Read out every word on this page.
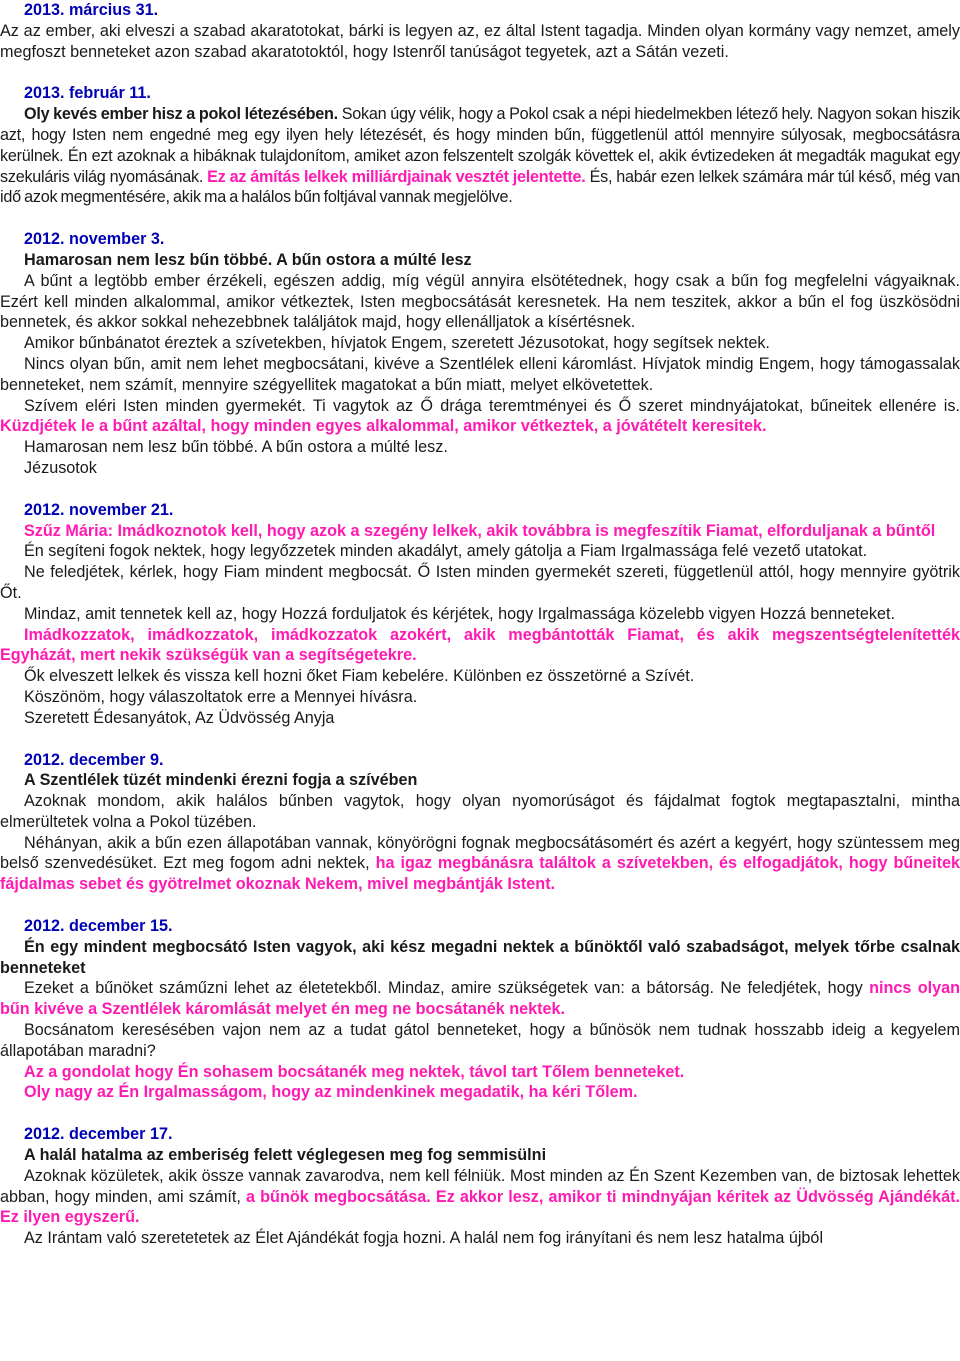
2013. március 31.

Az az ember, aki elveszi a szabad akaratotokat, bárki is legyen az, ez által Istent tagadja. Minden olyan kormány vagy nemzet, amely megfoszt benneteket azon szabad akaratotoktól, hogy Istenről tanúságot tegyetek, azt a Sátán vezeti.

2013. február 11.

Oly kevés ember hisz a pokol létezésében. Sokan úgy vélik, hogy a Pokol csak a népi hiedelmekben létező hely. Nagyon sokan hiszik azt, hogy Isten nem engedné meg egy ilyen hely létezését, és hogy minden bűn, függetlenül attól mennyire súlyosak, megbocsátásra kerülnek. Én ezt azoknak a hibáknak tulajdonítom, amiket azon felszentelt szolgák követtek el, akik évtizedeken át megadták magukat egy szekuláris világ nyomásának. Ez az ámítás lelkek milliárdjainak vesztét jelentette. És, habár ezen lelkek számára már túl késő, még van idő azok megmentésére, akik ma a halálos bűn foltjával vannak megjelölve.

2012. november 3.

Hamarosan nem lesz bűn többé. A bűn ostora a múlté lesz

A bűnt a legtöbb ember érzékeli, egészen addig, míg végül annyira elsötétednek, hogy csak a bűn fog megfelelni vágyaiknak. Ezért kell minden alkalommal, amikor vétkeztek, Isten megbocsátását keresnetek. Ha nem teszitek, akkor a bűn el fog üszkösödni bennetek, és akkor sokkal nehezebbnek találjátok majd, hogy ellenálljatok a kísértésnek.

Amikor bűnbánatot éreztek a szívetekben, hívjatok Engem, szeretett Jézusotokat, hogy segítsek nektek.

Nincs olyan bűn, amit nem lehet megbocsátani, kivéve a Szentlélek elleni káromlást. Hívjatok mindig Engem, hogy támogassalak benneteket, nem számít, mennyire szégyellitek magatokat a bűn miatt, melyet elkövetettek.

Szívem eléri Isten minden gyermekét. Ti vagytok az Ő drága teremtményei és Ő szeret mindnyájatokat, bűneitek ellenére is. Küzdjétek le a bűnt azáltal, hogy minden egyes alkalommal, amikor vétkeztek, a jóvátételt keresitek.

Hamarosan nem lesz bűn többé. A bűn ostora a múlté lesz.

Jézusotok

2012. november 21.

Szűz Mária: Imádkoznotok kell, hogy azok a szegény lelkek, akik továbbra is megfeszítik Fiamat, elforduljanak a bűntől

Én segíteni fogok nektek, hogy legyőzzetek minden akadályt, amely gátolja a Fiam Irgalmassága felé vezető utatokat.

Ne feledjétek, kérlek, hogy Fiam mindent megbocsát. Ő Isten minden gyermekét szereti, függetlenül attól, hogy mennyire gyötrik Őt.

Mindaz, amit tennetek kell az, hogy Hozzá forduljatok és kérjétek, hogy Irgalmassága közelebb vigyen Hozzá benneteket.

Imádkozzatok, imádkozzatok, imádkozzatok azokért, akik megbántották Fiamat, és akik megszentségtelenítették Egyházát, mert nekik szükségük van a segítségetekre.

Ők elveszett lelkek és vissza kell hozni őket Fiam kebelére. Különben ez összetörné a Szívét.

Köszönöm, hogy válaszoltatok erre a Mennyei hívásra.

Szeretett Édesanyátok, Az Üdvösség Anyja

2012. december 9.

A Szentlélek tüzét mindenki érezni fogja a szívében

Azoknak mondom, akik halálos bűnben vagytok, hogy olyan nyomorúságot és fájdalmat fogtok megtapasztalni, mintha elmerültetek volna a Pokol tüzében.

Néhányan, akik a bűn ezen állapotában vannak, könyörögni fognak megbocsátásomért és azért a kegyért, hogy szüntessem meg belső szenvedésüket. Ezt meg fogom adni nektek, ha igaz megbánásra találtok a szívetekben, és elfogadjátok, hogy bűneitek fájdalmas sebet és gyötrelmet okoznak Nekem, mivel megbántják Istent.

2012. december 15.

Én egy mindent megbocsátó Isten vagyok, aki kész megadni nektek a bűnöktől való szabadságot, melyek tőrbe csalnak benneteket

Ezeket a bűnöket száműzni lehet az életetekből. Mindaz, amire szükségetek van: a bátorság. Ne feledjétek, hogy nincs olyan bűn kivéve a Szentlélek káromlását melyet én meg ne bocsátanék nektek.

Bocsánatom keresésében vajon nem az a tudat gátol benneteket, hogy a bűnösök nem tudnak hosszabb ideig a kegyelem állapotában maradni?

Az a gondolat hogy Én sohasem bocsátanék meg nektek, távol tart Tőlem benneteket.

Oly nagy az Én Irgalmasságom, hogy az mindenkinek megadatik, ha kéri Tőlem.

2012. december 17.

A halál hatalma az emberiség felett véglegesen meg fog semmisülni

Azoknak közületek, akik össze vannak zavarodva, nem kell félniük. Most minden az Én Szent Kezemben van, de biztosak lehettek abban, hogy minden, ami számít, a bűnök megbocsátása. Ez akkor lesz, amikor ti mindnyájan kéritek az Üdvösség Ajándékát. Ez ilyen egyszerű.

Az Irántam való szeretetetek az Élet Ajándékát fogja hozni. A halál nem fog irányítani és nem lesz hatalma újból
